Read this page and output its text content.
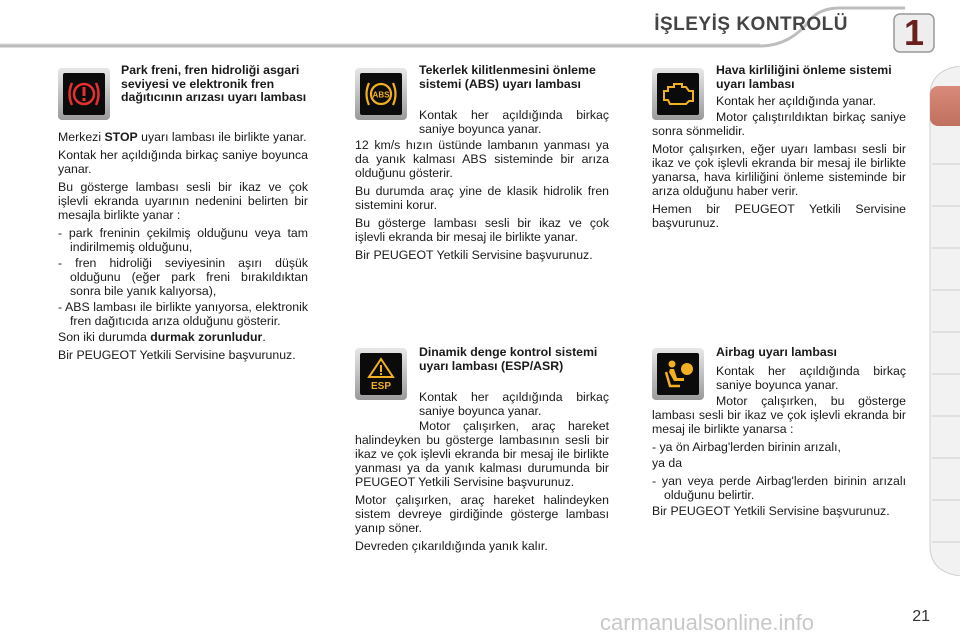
İŞLEYİŞ KONTROLÜ 1
Park freni, fren hidroliği asgari seviyesi ve elektronik fren dağıtıcının arızası uyarı lambası

Merkezi STOP uyarı lambası ile birlikte yanar.

Kontak her açıldığında birkaç saniye boyunca yanar.

Bu gösterge lambası sesli bir ikaz ve çok işlevli ekranda uyarının nedenini belirten bir mesajla birlikte yanar :

- park freninin çekilmiş olduğunu veya tam indirilmemiş olduğunu,

- fren hidroliği seviyesinin aşırı düşük olduğunu (eğer park freni bırakıldıktan sonra bile yanık kalıyorsa),

- ABS lambası ile birlikte yanıyorsa, elektronik fren dağıtıcıda arıza olduğunu gösterir.

Son iki durumda durmak zorunludur.

Bir PEUGEOT Yetkili Servisine başvurunuz.

ABS
Tekerlek kilitlenmesini önleme sistemi (ABS) uyarı lambası
Kontak her açıldığında birkaç saniye boyunca yanar.

12 km/s hızın üstünde lambanın yanması ya da yanık kalması ABS sisteminde bir arıza olduğunu gösterir.

Bu durumda araç yine de klasik hidrolik fren sistemini korur.

Bu gösterge lambası sesli bir ikaz ve çok işlevli ekranda bir mesaj ile birlikte yanar.

Bir PEUGEOT Yetkili Servisine başvurunuz.

ESP
Dinamik denge kontrol sistemi uyarı lambası (ESP/ASR)
Kontak her açıldığında birkaç saniye boyunca yanar.

Motor çalışırken, araç hareket halindeyken bu gösterge lambasının sesli bir ikaz ve çok işlevli ekranda bir mesaj ile birlikte yanması ya da yanık kalması durumunda bir PEUGEOT Yetkili Servisine başvurunuz.

Motor çalışırken, araç hareket halindeyken sistem devreye girdiğinde gösterge lambası yanıp söner.

Devreden çıkarıldığında yanık kalır.

Hava kirliliğini önleme sistemi uyarı lambası
Kontak her açıldığında yanar.

Motor çalıştırıldıktan birkaç saniye sonra sönmelidir.

Motor çalışırken, eğer uyarı lambası sesli bir ikaz ve çok işlevli ekranda bir mesaj ile birlikte yanarsa, hava kirliliğini önleme sisteminde bir arıza olduğunu haber verir.

Hemen bir PEUGEOT Yetkili Servisine başvurunuz.

Airbag uyarı lambası
Kontak her açıldığında birkaç saniye boyunca yanar.

Motor çalışırken, bu gösterge lambası sesli bir ikaz ve çok işlevli ekranda bir mesaj ile birlikte yanarsa :

- ya ön Airbag'lerden birinin arızalı,

ya da

- yan veya perde Airbag'lerden birinin arızalı olduğunu belirtir.

Bir PEUGEOT Yetkili Servisine başvurunuz.

carmanualsonline.info	21
